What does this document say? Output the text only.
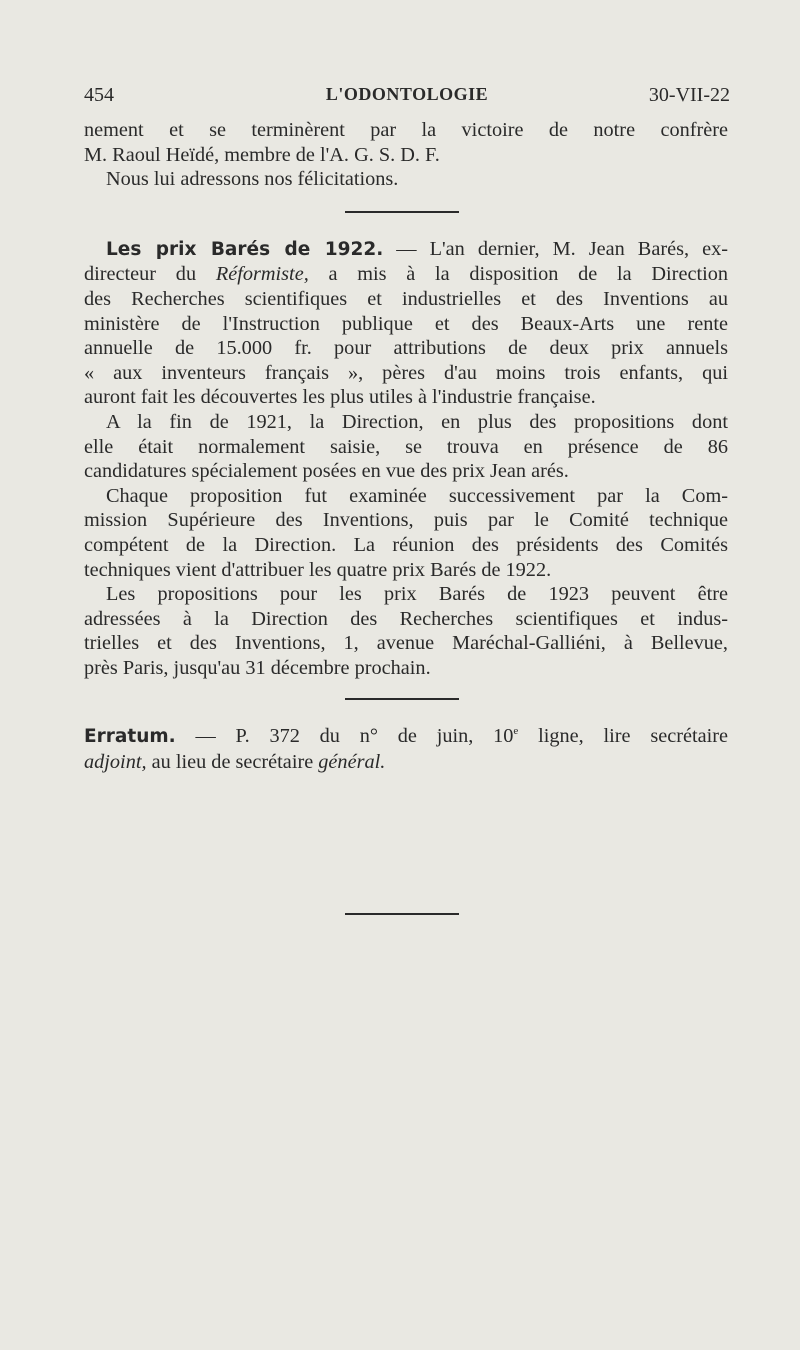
454	L'ODONTOLOGIE	30-VII-22
nement et se terminèrent par la victoire de notre confrère
M. Raoul Heïdé, membre de l'A. G. S. D. F.
Nous lui adressons nos félicitations.
Les prix Barés de 1922. — L'an dernier, M. Jean Barés, ex-
directeur du Réformiste, a mis à la disposition de la Direction
des Recherches scientifiques et industrielles et des Inventions au
ministère de l'Instruction publique et des Beaux-Arts une rente
annuelle de 15.000 fr. pour attributions de deux prix annuels
« aux inventeurs français », pères d'au moins trois enfants, qui
auront fait les découvertes les plus utiles à l'industrie française.
A la fin de 1921, la Direction, en plus des propositions dont
elle était normalement saisie, se trouva en présence de 86
candidatures spécialement posées en vue des prix Jean arés.
Chaque proposition fut examinée successivement par la Com-
mission Supérieure des Inventions, puis par le Comité technique
compétent de la Direction. La réunion des présidents des Comités
techniques vient d'attribuer les quatre prix Barés de 1922.
Les propositions pour les prix Barés de 1923 peuvent être
adressées à la Direction des Recherches scientifiques et indus-
trielles et des Inventions, 1, avenue Maréchal-Galliéni, à Bellevue,
près Paris, jusqu'au 31 décembre prochain.
Erratum. — P. 372 du n° de juin, 10e ligne, lire secrétaire
adjoint, au lieu de secrétaire général.
